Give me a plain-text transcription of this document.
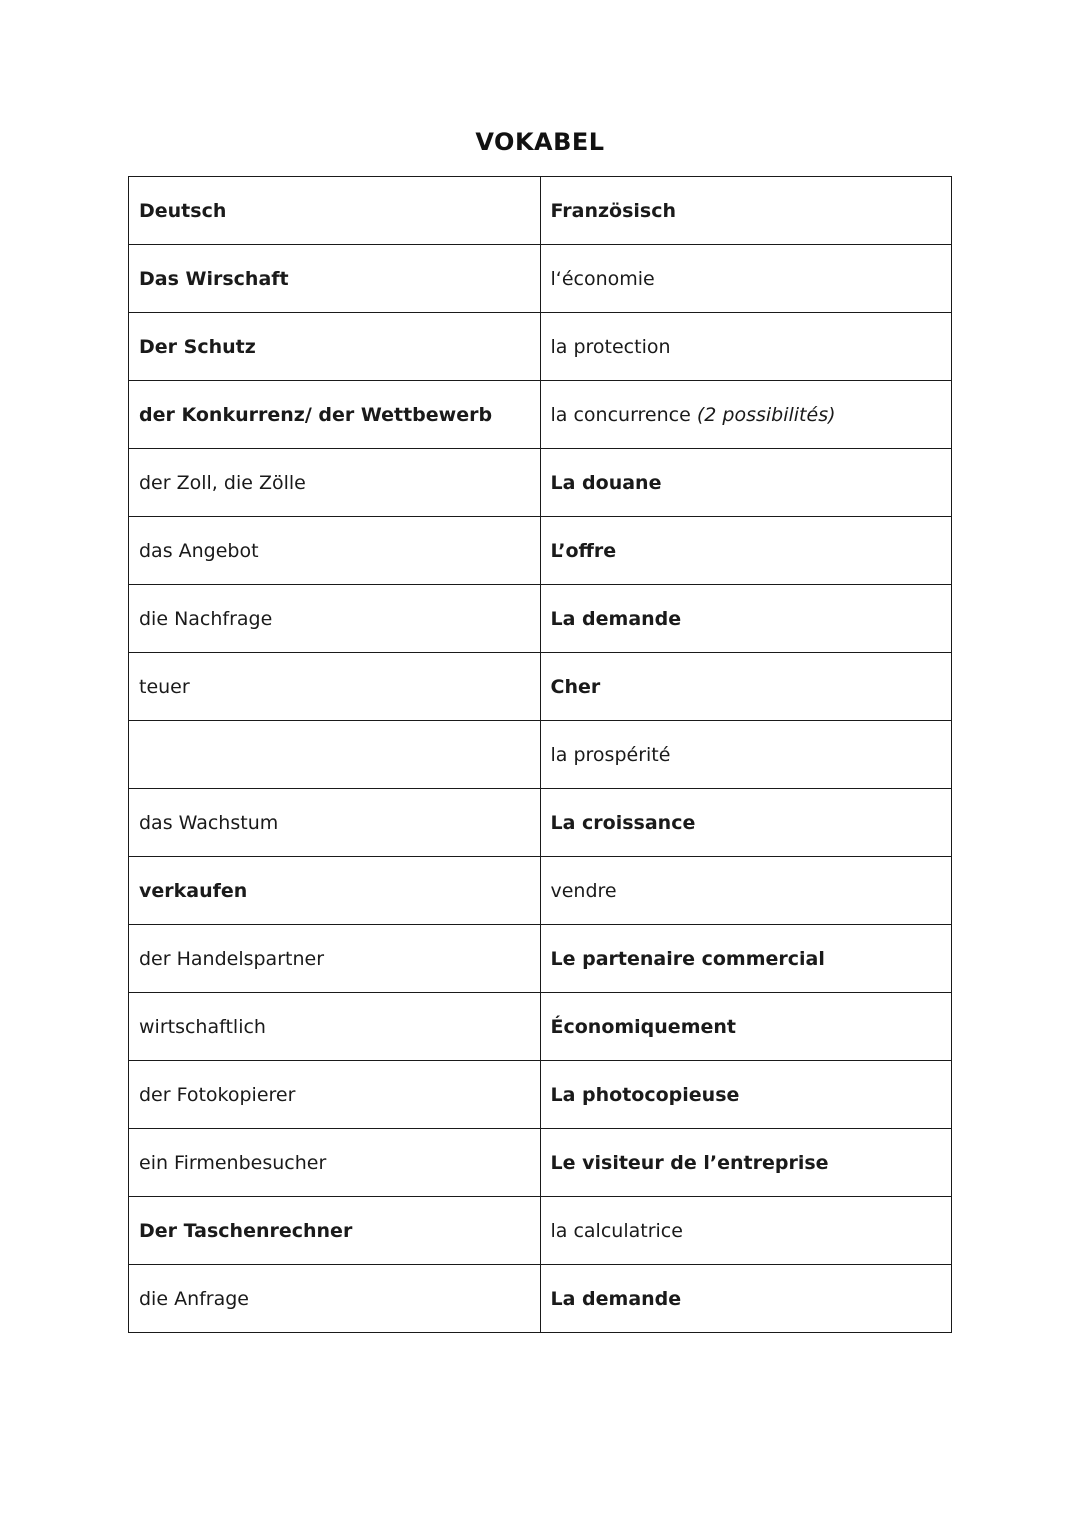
VOKABEL
Deutsch	Französisch
Das Wirschaft	l‘économie
Der Schutz	la protection
der Konkurrenz/ der Wettbewerb	la concurrence (2 possibilités)
der Zoll, die Zölle	La douane
das Angebot	L’offre
die Nachfrage	La demande
teuer	Cher
	la prospérité
das Wachstum	La croissance
verkaufen	vendre
der Handelspartner	Le partenaire commercial
wirtschaftlich	Économiquement
der Fotokopierer	La photocopieuse
ein Firmenbesucher	Le visiteur de l’entreprise
Der Taschenrechner	la calculatrice
die Anfrage	La demande
